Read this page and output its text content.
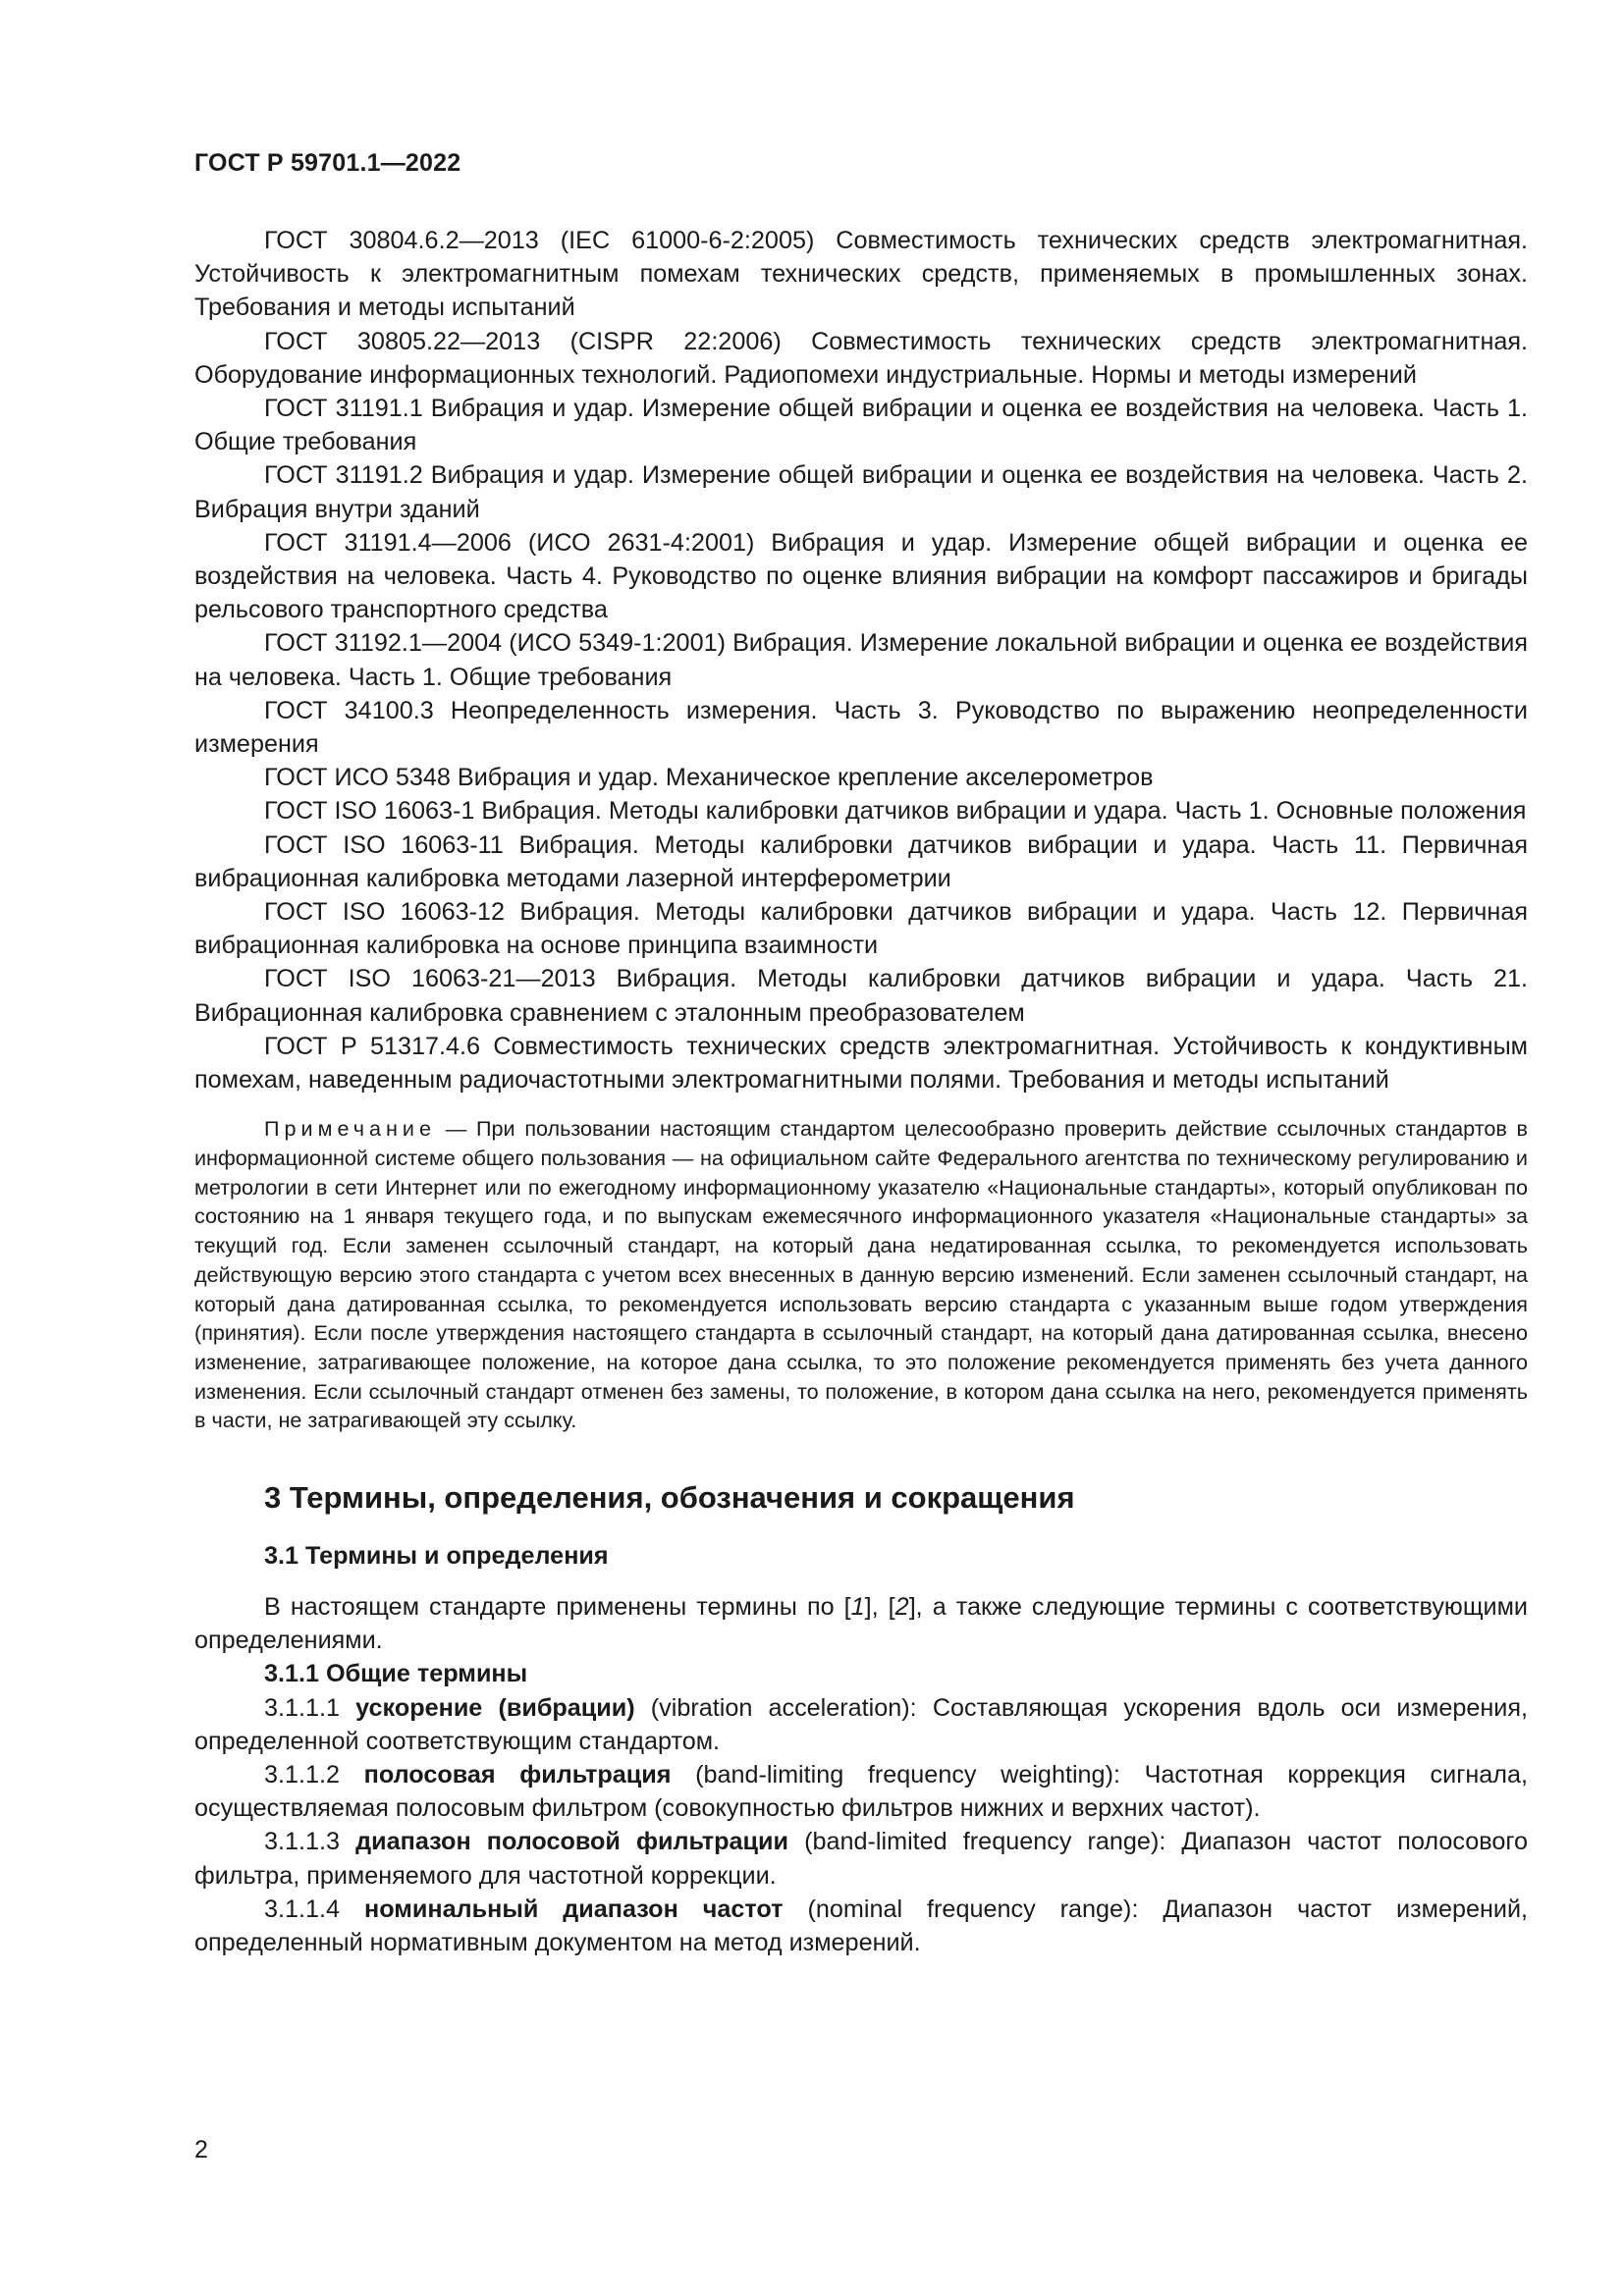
ГОСТ Р 59701.1—2022

ГОСТ 30804.6.2—2013 (IEC 61000-6-2:2005) Совместимость технических средств электромагнитная. Устойчивость к электромагнитным помехам технических средств, применяемых в промышленных зонах. Требования и методы испытаний

ГОСТ 30805.22—2013 (CISPR 22:2006) Совместимость технических средств электромагнитная. Оборудование информационных технологий. Радиопомехи индустриальные. Нормы и методы измерений

ГОСТ 31191.1 Вибрация и удар. Измерение общей вибрации и оценка ее воздействия на человека. Часть 1. Общие требования

ГОСТ 31191.2 Вибрация и удар. Измерение общей вибрации и оценка ее воздействия на человека. Часть 2. Вибрация внутри зданий

ГОСТ 31191.4—2006 (ИСО 2631-4:2001) Вибрация и удар. Измерение общей вибрации и оценка ее воздействия на человека. Часть 4. Руководство по оценке влияния вибрации на комфорт пассажиров и бригады рельсового транспортного средства

ГОСТ 31192.1—2004 (ИСО 5349-1:2001) Вибрация. Измерение локальной вибрации и оценка ее воздействия на человека. Часть 1. Общие требования

ГОСТ 34100.3 Неопределенность измерения. Часть 3. Руководство по выражению неопределенности измерения

ГОСТ ИСО 5348 Вибрация и удар. Механическое крепление акселерометров

ГОСТ ISO 16063-1 Вибрация. Методы калибровки датчиков вибрации и удара. Часть 1. Основные положения

ГОСТ ISO 16063-11 Вибрация. Методы калибровки датчиков вибрации и удара. Часть 11. Первичная вибрационная калибровка методами лазерной интерферометрии

ГОСТ ISO 16063-12 Вибрация. Методы калибровки датчиков вибрации и удара. Часть 12. Первичная вибрационная калибровка на основе принципа взаимности

ГОСТ ISO 16063-21—2013 Вибрация. Методы калибровки датчиков вибрации и удара. Часть 21. Вибрационная калибровка сравнением с эталонным преобразователем

ГОСТ Р 51317.4.6 Совместимость технических средств электромагнитная. Устойчивость к кондуктивным помехам, наведенным радиочастотными электромагнитными полями. Требования и методы испытаний

Примечание — При пользовании настоящим стандартом целесообразно проверить действие ссылочных стандартов в информационной системе общего пользования — на официальном сайте Федерального агентства по техническому регулированию и метрологии в сети Интернет или по ежегодному информационному указателю «Национальные стандарты», который опубликован по состоянию на 1 января текущего года, и по выпускам ежемесячного информационного указателя «Национальные стандарты» за текущий год. Если заменен ссылочный стандарт, на который дана недатированная ссылка, то рекомендуется использовать действующую версию этого стандарта с учетом всех внесенных в данную версию изменений. Если заменен ссылочный стандарт, на который дана датированная ссылка, то рекомендуется использовать версию стандарта с указанным выше годом утверждения (принятия). Если после утверждения настоящего стандарта в ссылочный стандарт, на который дана датированная ссылка, внесено изменение, затрагивающее положение, на которое дана ссылка, то это положение рекомендуется применять без учета данного изменения. Если ссылочный стандарт отменен без замены, то положение, в котором дана ссылка на него, рекомендуется применять в части, не затрагивающей эту ссылку.

3 Термины, определения, обозначения и сокращения
3.1 Термины и определения

В настоящем стандарте применены термины по [1], [2], а также следующие термины с соответствующими определениями.

3.1.1 Общие термины

3.1.1.1 ускорение (вибрации) (vibration acceleration): Составляющая ускорения вдоль оси измерения, определенной соответствующим стандартом.

3.1.1.2 полосовая фильтрация (band-limiting frequency weighting): Частотная коррекция сигнала, осуществляемая полосовым фильтром (совокупностью фильтров нижних и верхних частот).

3.1.1.3 диапазон полосовой фильтрации (band-limited frequency range): Диапазон частот полосового фильтра, применяемого для частотной коррекции.

3.1.1.4 номинальный диапазон частот (nominal frequency range): Диапазон частот измерений, определенный нормативным документом на метод измерений.

2
